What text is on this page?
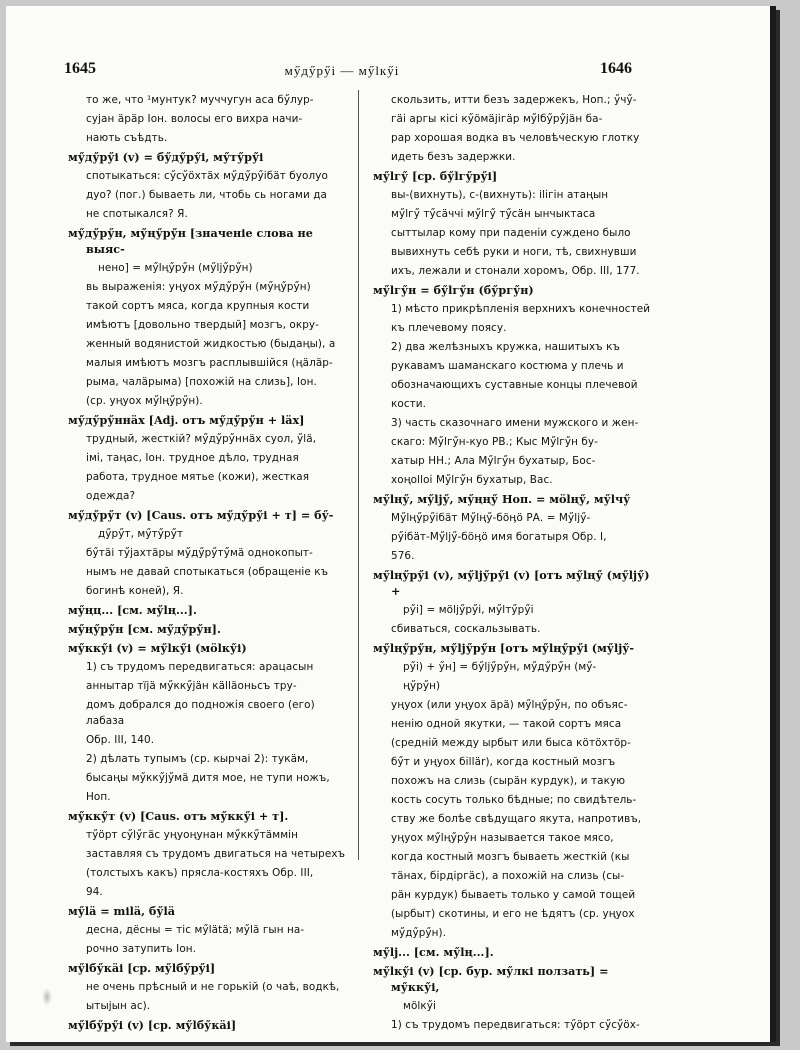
1645	мӳдӳрӳі — мӳlкӳі	1646
то же, что ¹мунтук? муччугун аса бӳлур-
суjан äpäр Іон. волосы его вихра начи-
нають съѣдть.
мӳдӳрӳі (v) = бӳдӳрӳі, мӳтӳрӳі
спотыкаться: сӳсӳöхтäх мӳдӳрӳібäт буолуо
дуо? (пог.) бываеть ли, чтобь сь ногами да
не спотыкался? Я.
мӳдӳрӳн, мӳңӳрӳн [значеніе слова не выяс-
нено] = мӳlңӳрӳн (мӳljӳрӳн)
вь выраженія: уңуох мӳдӳрӳн (мӳңӳрӳн)
такой сортъ мяса, когда крупныя кости
имѣютъ [довольно твердый] мозгъ, окру-
женный водянистой жидкостью (быдаңы), а
малыя имѣютъ мозгъ расплывшійся (ңäлäр-
рыма, чалäрыма) [похожій на слизь], Іон.
(ср. уңуох мӳlңӳрӳн).
мӳдӳрӳннäх [Adj. отъ мӳдӳрӳн + lӓх]
трудный, жесткій? мӳдӳрӳннäх суол, ӳlä,
імі, таңас, Іон. трудное дѣло, трудная
работа, трудное мятье (кожи), жесткая
одежда?
мӳдӳрӳт (v) [Caus. отъ мӳдӳрӳі + т] = бӳ-
дӳрӳт, мӳтӳрӳт
бӳтäi тӳjахтäры мӳдӳрӳтӳмä однокопыт-
нымъ не давай спотыкаться (обращеніе къ
богинѣ коней), Я.
мӳңц... [см. мӳlң...].
мӳңӳрӳн [см. мӳдӳрӳн].
мӳккӳі (v) = мӳlкӳі (мölкӳі)
1) съ трудомъ передвигаться: арацасын
аннытар тïjä мӳккӳjäн кälläоньсъ тру-
домъ добрался до подножія своего (его) лабаза
Обр. III, 140.
2) дѣлать тупымъ (ср. кырчаi 2): тукäм,
бысаңы мӳккӳjӳмä дитя мое, не тупи ножъ,
Ноп.
мӳккӳт (v) [Caus. отъ мӳккӳі + т].
тӳöрт сӳlӳгäс уңуоңунан мӳккӳтäммін
заставляя съ трудомъ двигаться на четырехъ
(толстыхъ какъ) прясла-костяхъ Обр. III,
94.
мӳlä = mіlä, бӳlä
десна, дёсны = тіс мӳlätä; мӳlä гын на-
рочно затупить Іон.
мӳlбӳкäі [ср. мӳlбӳрӳі]
не очень прѣсный и не горькій (о чаѣ, водкѣ,
ытыjын ас).
мӳlбӳрӳі (v) [ср. мӳlбӳкäі]
скользить, итти безъ задержекъ, Ноп.; ӳчӳ-
гäі аргы кісі кӳöмäjігäр мӳlбӳрӳjäн ба-
рар хорошая водка въ человѣческую глотку
идеть безъ задержки.
мӳlгӳ [ср. бӳlгӳрӳі]
вы-(вихнуть), с-(вихнуть): ilігін атаңын
мӳlгӳ тӳсäччі мӳlгӳ тӳсäн ынчыктаса
сыттылар кому при паденіи суждено было
вывихнуть себѣ руки и ноги, тѣ, свихнувши
ихъ, лежали и стонали хоромъ, Обр. III, 177.
мӳlгӳн = бӳlгӳн (бӳргӳн)
1) мѣсто прикрѣпленія верхнихъ конечностей
къ плечевому поясу.
2) два желѣзныхъ кружка, нашитыхъ къ
рукавамъ шаманскаго костюма у плечь и
обозначающихъ суставные концы плечевой
кости.
3) часть сказочнаго имени мужского и жен-
скаго: Мӳlгӳн-куо РВ.; Кыс Мӳlгӳн бу-
хатыр НН.; Ала Мӳlгӳн бухатыр, Бос-
хоңоllоі Мӳlгӳн бухатыр, Вас.
мӳlңӳ, мӳljӳ, мӳңңӳ Ноп. = мölңӳ, мӳlчӳ
Мӳlңӳрӳібäт Мӳlңӳ-бöӊö РА. = Мӳljӳ-
рӳібäт-Мӳljӳ-бöӊö имя богатыря Обр. I,
576.
мӳlңӳрӳі (v), мӳljӳрӳі (v) [отъ мӳlңӳ (мӳljӳ) +
рӳі] = мöljӳрӳі, мӳlтӳрӳі
сбиваться, соскальзывать.
мӳlңӳрӳн, мӳljӳрӳн [отъ мӳlңӳрӳі (мӳljӳ-
рӳі) + ӳн] = бӳljӳрӳн, мӳдӳрӳн (мӳ-
ңӳрӳн)
уңуох (или уңуох äpä) мӳlңӳрӳн, по объяс-
ненію одной якутки, — такой сортъ мяса
(средній между ырбыт или быса кöтöхтöр-
бӳт и уңуох біllär), когда костный мозгъ
похожъ на слизь (сырäн курдук), и такую
кость сосуть только бѣдные; по свидѣтель-
ству же болѣе свѣдущаго якута, напротивъ,
уңуох мӳlңӳрӳн называется такое мясо,
когда костный мозгъ бываеть жесткій (кы
тäнах, бірдіргäс), а похожій на слизь (сы-
рäн курдук) бываеть только у самой тощей
(ырбыт) скотины, и его не ѣдятъ (ср. уңуох
мӳдӳрӳн).
мӳlj... [см. мӳlң...].
мӳlкӳі (v) [ср. бур. мӳлкі ползать] = мӳккӳі,
мölкӳі
1) съ трудомъ передвигаться: тӳöрт сӳсӳöх-
